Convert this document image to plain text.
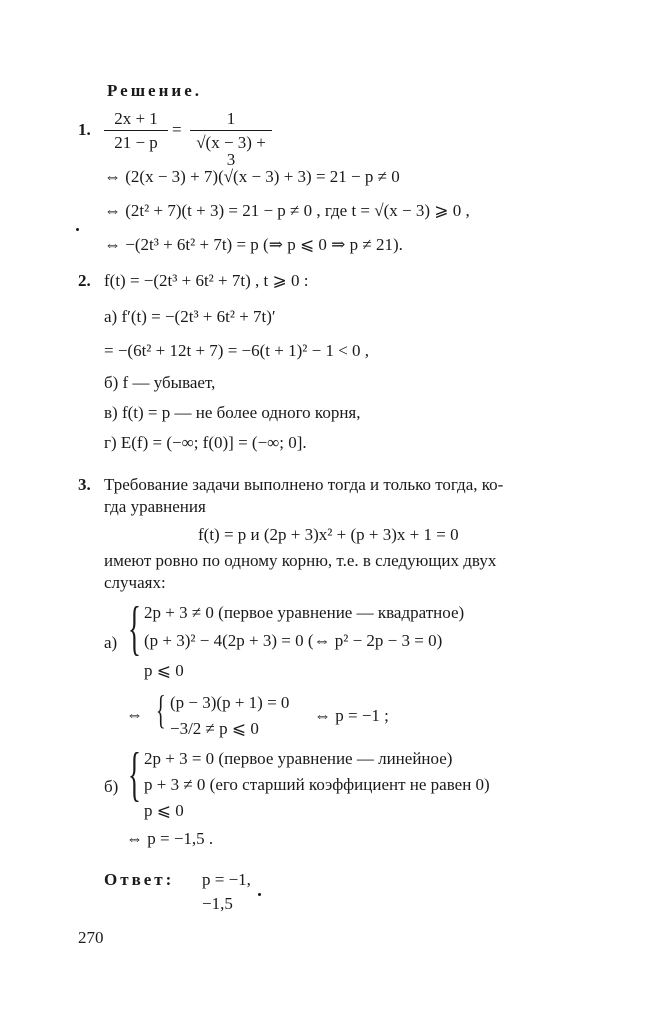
Решение.
1.
2x + 1
21 − p
=
1
√(x − 3) + 3
⇔ (2(x − 3) + 7)(√(x − 3) + 3) = 21 − p ≠ 0
⇔ (2t² + 7)(t + 3) = 21 − p ≠ 0 , где t = √(x − 3) ⩾ 0 ,
⇔ −(2t³ + 6t² + 7t) = p (⇒ p ⩽ 0 ⇒ p ≠ 21).
2. f(t) = −(2t³ + 6t² + 7t) , t ⩾ 0 :
а) f′(t) = −(2t³ + 6t² + 7t)′
= −(6t² + 12t + 7) = −6(t + 1)² − 1 < 0 ,
б) f — убывает,
в) f(t) = p — не более одного корня,
г) E(f) = (−∞; f(0)] = (−∞; 0].
3. Требование задачи выполнено тогда и только тогда, ко-
гда уравнения
f(t) = p и (2p + 3)x² + (p + 3)x + 1 = 0
имеют ровно по одному корню, т.е. в следующих двух
случаях:
а) { 2p + 3 ≠ 0 (первое уравнение — квадратное)
(p + 3)² − 4(2p + 3) = 0 (⇔ p² − 2p − 3 = 0)
p ⩽ 0
⇔ { (p − 3)(p + 1) = 0
−3/2 ≠ p ⩽ 0
⇔ p = −1 ;
б) { 2p + 3 = 0 (первое уравнение — линейное)
p + 3 ≠ 0 (его старший коэффициент не равен 0)
p ⩽ 0
⇔ p = −1,5 .
Ответ: p = −1,
−1,5
270
